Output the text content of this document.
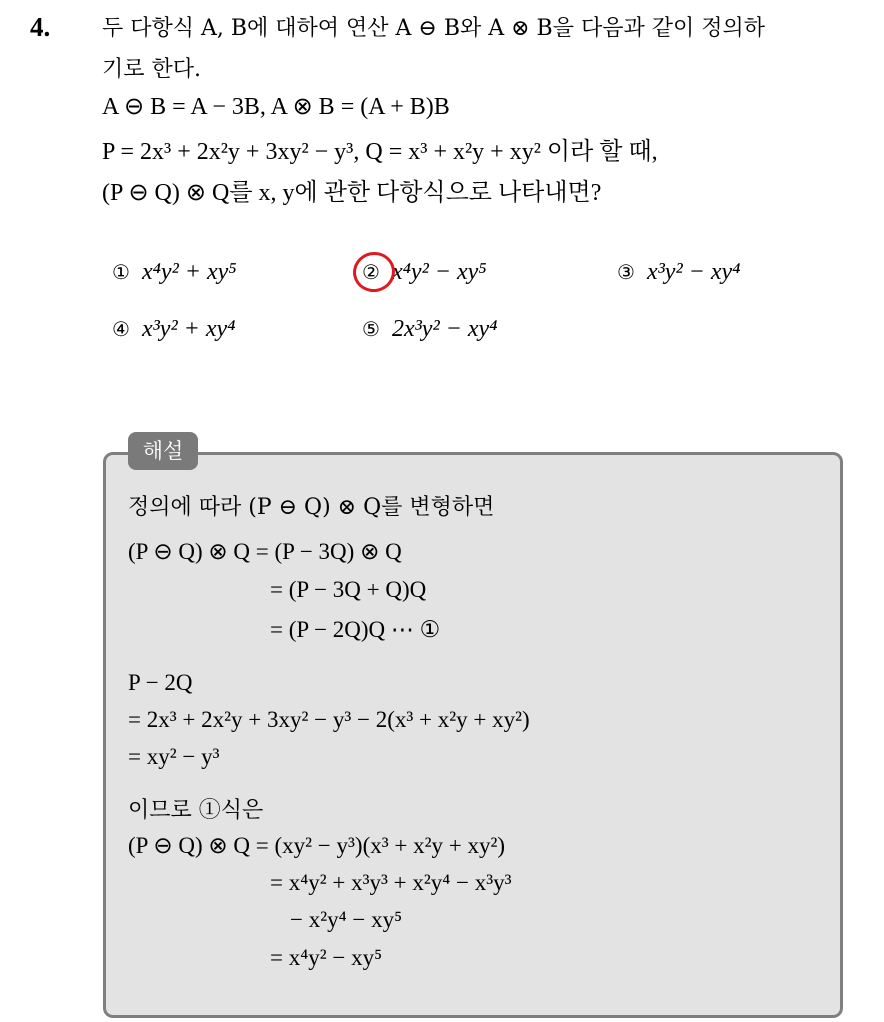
4. 두 다항식 A, B에 대하여 연산 A ⊖ B와 A ⊗ B을 다음과 같이 정의하
기로 한다.
A ⊖ B = A − 3B, A ⊗ B = (A + B)B
P = 2x³ + 2x²y + 3xy² − y³, Q = x³ + x²y + xy² 이라 할 때,
(P ⊖ Q) ⊗ Q를 x, y에 관한 다항식으로 나타내면?
① x⁴y² + xy⁵	② x⁴y² − xy⁵	③ x³y² − xy⁴
④ x³y² + xy⁴	⑤ 2x³y² − xy⁴
해설
정의에 따라 (P ⊖ Q) ⊗ Q를 변형하면
(P ⊖ Q) ⊗ Q = (P − 3Q) ⊗ Q
= (P − 3Q + Q)Q
= (P − 2Q)Q ⋯ ①
P − 2Q
= 2x³ + 2x²y + 3xy² − y³ − 2(x³ + x²y + xy²)
= xy² − y³
이므로 ①식은
(P ⊖ Q) ⊗ Q = (xy² − y³)(x³ + x²y + xy²)
= x⁴y² + x³y³ + x²y⁴ − x³y³
− x²y⁴ − xy⁵
= x⁴y² − xy⁵
